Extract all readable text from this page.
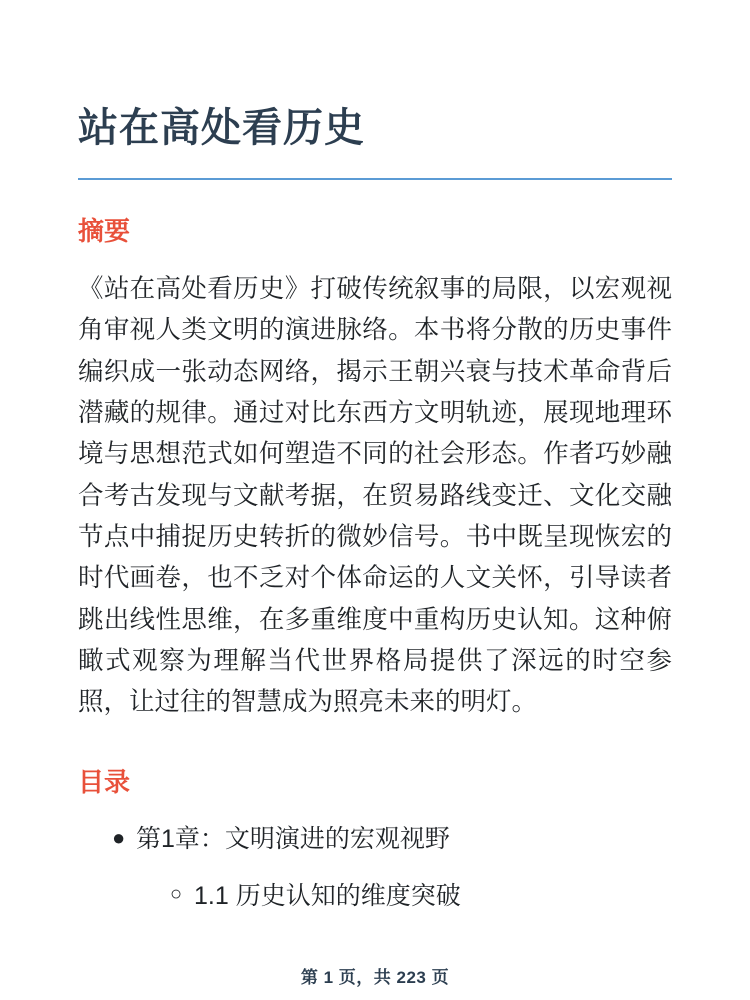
站在高处看历史
摘要

《站在高处看历史》打破传统叙事的局限，以宏观视角审视人类文明的演进脉络。本书将分散的历史事件编织成一张动态网络，揭示王朝兴衰与技术革命背后潜藏的规律。通过对比东西方文明轨迹，展现地理环境与思想范式如何塑造不同的社会形态。作者巧妙融合考古发现与文献考据，在贸易路线变迁、文化交融节点中捕捉历史转折的微妙信号。书中既呈现恢宏的时代画卷，也不乏对个体命运的人文关怀，引导读者跳出线性思维，在多重维度中重构历史认知。这种俯瞰式观察为理解当代世界格局提供了深远的时空参照，让过往的智慧成为照亮未来的明灯。

目录
● 第1章：文明演进的宏观视野
○ 1.1 历史认知的维度突破
第 1 页，共 223 页
